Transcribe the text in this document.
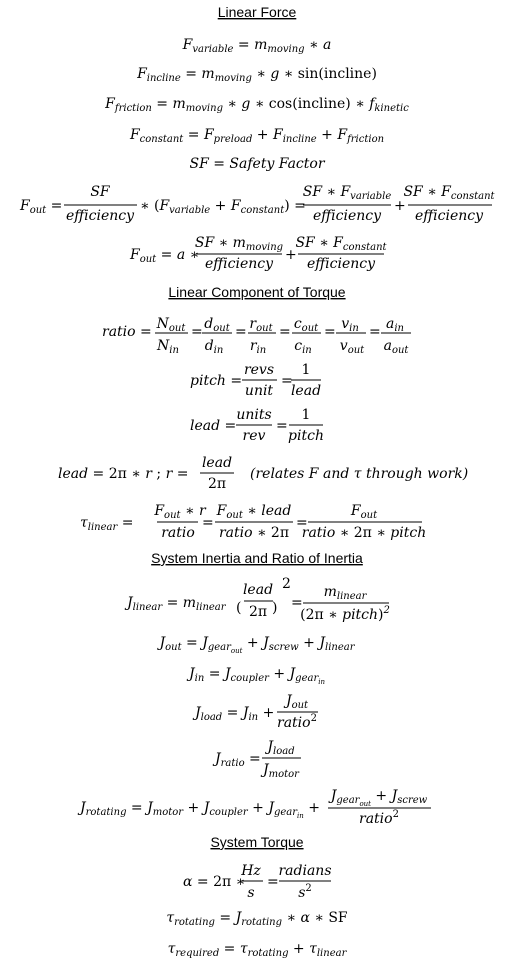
Linear Force
$F_{variable} = m_{moving}$ ∗ a
$F_{incline} = m_{moving}$ ∗ g ∗ sin(incline)
$F_{friction} = m_{moving}$ ∗ g ∗ cos(incline) ∗ $f_{kinetic}$
$F_{constant} = F_{preload} + F_{incline} + F_{friction}$
SF = Safety Factor
$F_{out}$ =
SF
efficiency
∗ $(F_{variable} + F_{constant})$ =
SF ∗ $F_{variable}$
efficiency
+
SF ∗ $F_{constant}$
efficiency
$F_{out} = a$ ∗
SF ∗ $m_{moving}$
efficiency
+
SF ∗ $F_{constant}$
efficiency
Linear Component of Torque
ratio = $N_{out}$
$N_{in}$
= $d_{out}$
$d_{in}$
= $r_{out}$
$r_{in}$
= $c_{out}$
$c_{in}$
= $v_{in}$
$v_{out}$
= $a_{in}$
$a_{out}$
pitch =
revs
unit
=
1
lead
lead =
units
rev
=
1
pitch
lead = 2π ∗ r ; r =
lead
2π
(relates F and τ through work)
$\tau_{linear}$ =
$F_{out}$ ∗ r
ratio
=
$F_{out}$ ∗ lead
ratio ∗ 2π
=
$F_{out}$
ratio ∗ 2π ∗ pitch
System Inertia and Ratio of Inertia
$J_{linear} = m_{linear}$ (
lead
2π )
2
=
$m_{linear}$
(2π ∗ pitch)$^2$
$J_{out} = J_{gearout} + J_{screw} + J_{linear}$
$J_{in} = J_{coupler} + J_{gearin}$
$J_{load} = J_{in}$ +
$J_{out}$
ratio$^2$
$J_{ratio}$ =
$J_{load}$
$J_{motor}$
$J_{rotating} = J_{motor} + J_{coupler} + J_{gearin}$ +
$J_{gearout} + J_{screw}$
ratio$^2$
System Torque
α = 2π ∗
Hz
s
=
radians
$s^2$
$\tau_{rotating} = J_{rotating}$ ∗ α ∗ SF
$\tau_{required} = \tau_{rotating} + \tau_{linear}$
